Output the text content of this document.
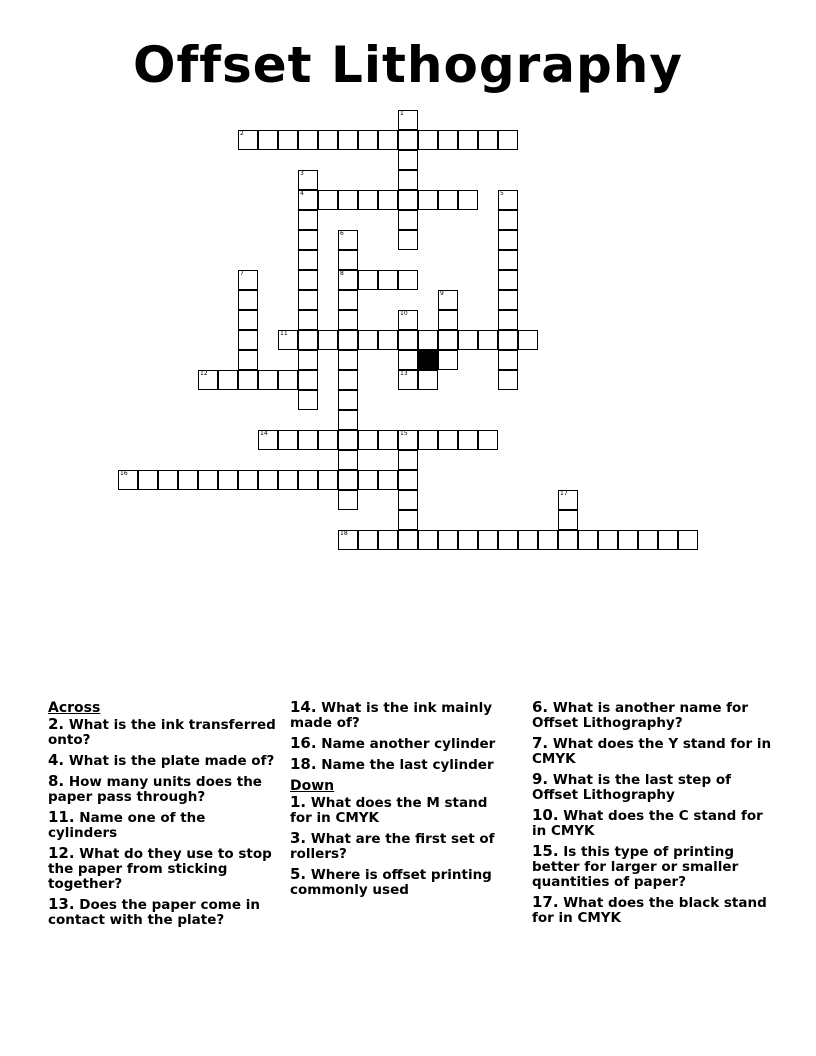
Offset Lithography
1
2
3
4	5
6
8
7
9
10
13
11
12
14	15
16
17
18
Across
2. What is the ink transferred onto?
4. What is the plate made of?
8. How many units does the paper pass through?
11. Name one of the cylinders
12. What do they use to stop the paper from sticking together?
13. Does the paper come in contact with the plate?
14. What is the ink mainly made of?
16. Name another cylinder
18. Name the last cylinder
Down
1. What does the M stand for in CMYK
3. What are the first set of rollers?
5. Where is offset printing commonly used
6. What is another name for Offset Lithography?
7. What does the Y stand for in CMYK
9. What is the last step of Offset Lithography
10. What does the C stand for in CMYK
15. Is this type of printing better for larger or smaller quantities of paper?
17. What does the black stand for in CMYK
